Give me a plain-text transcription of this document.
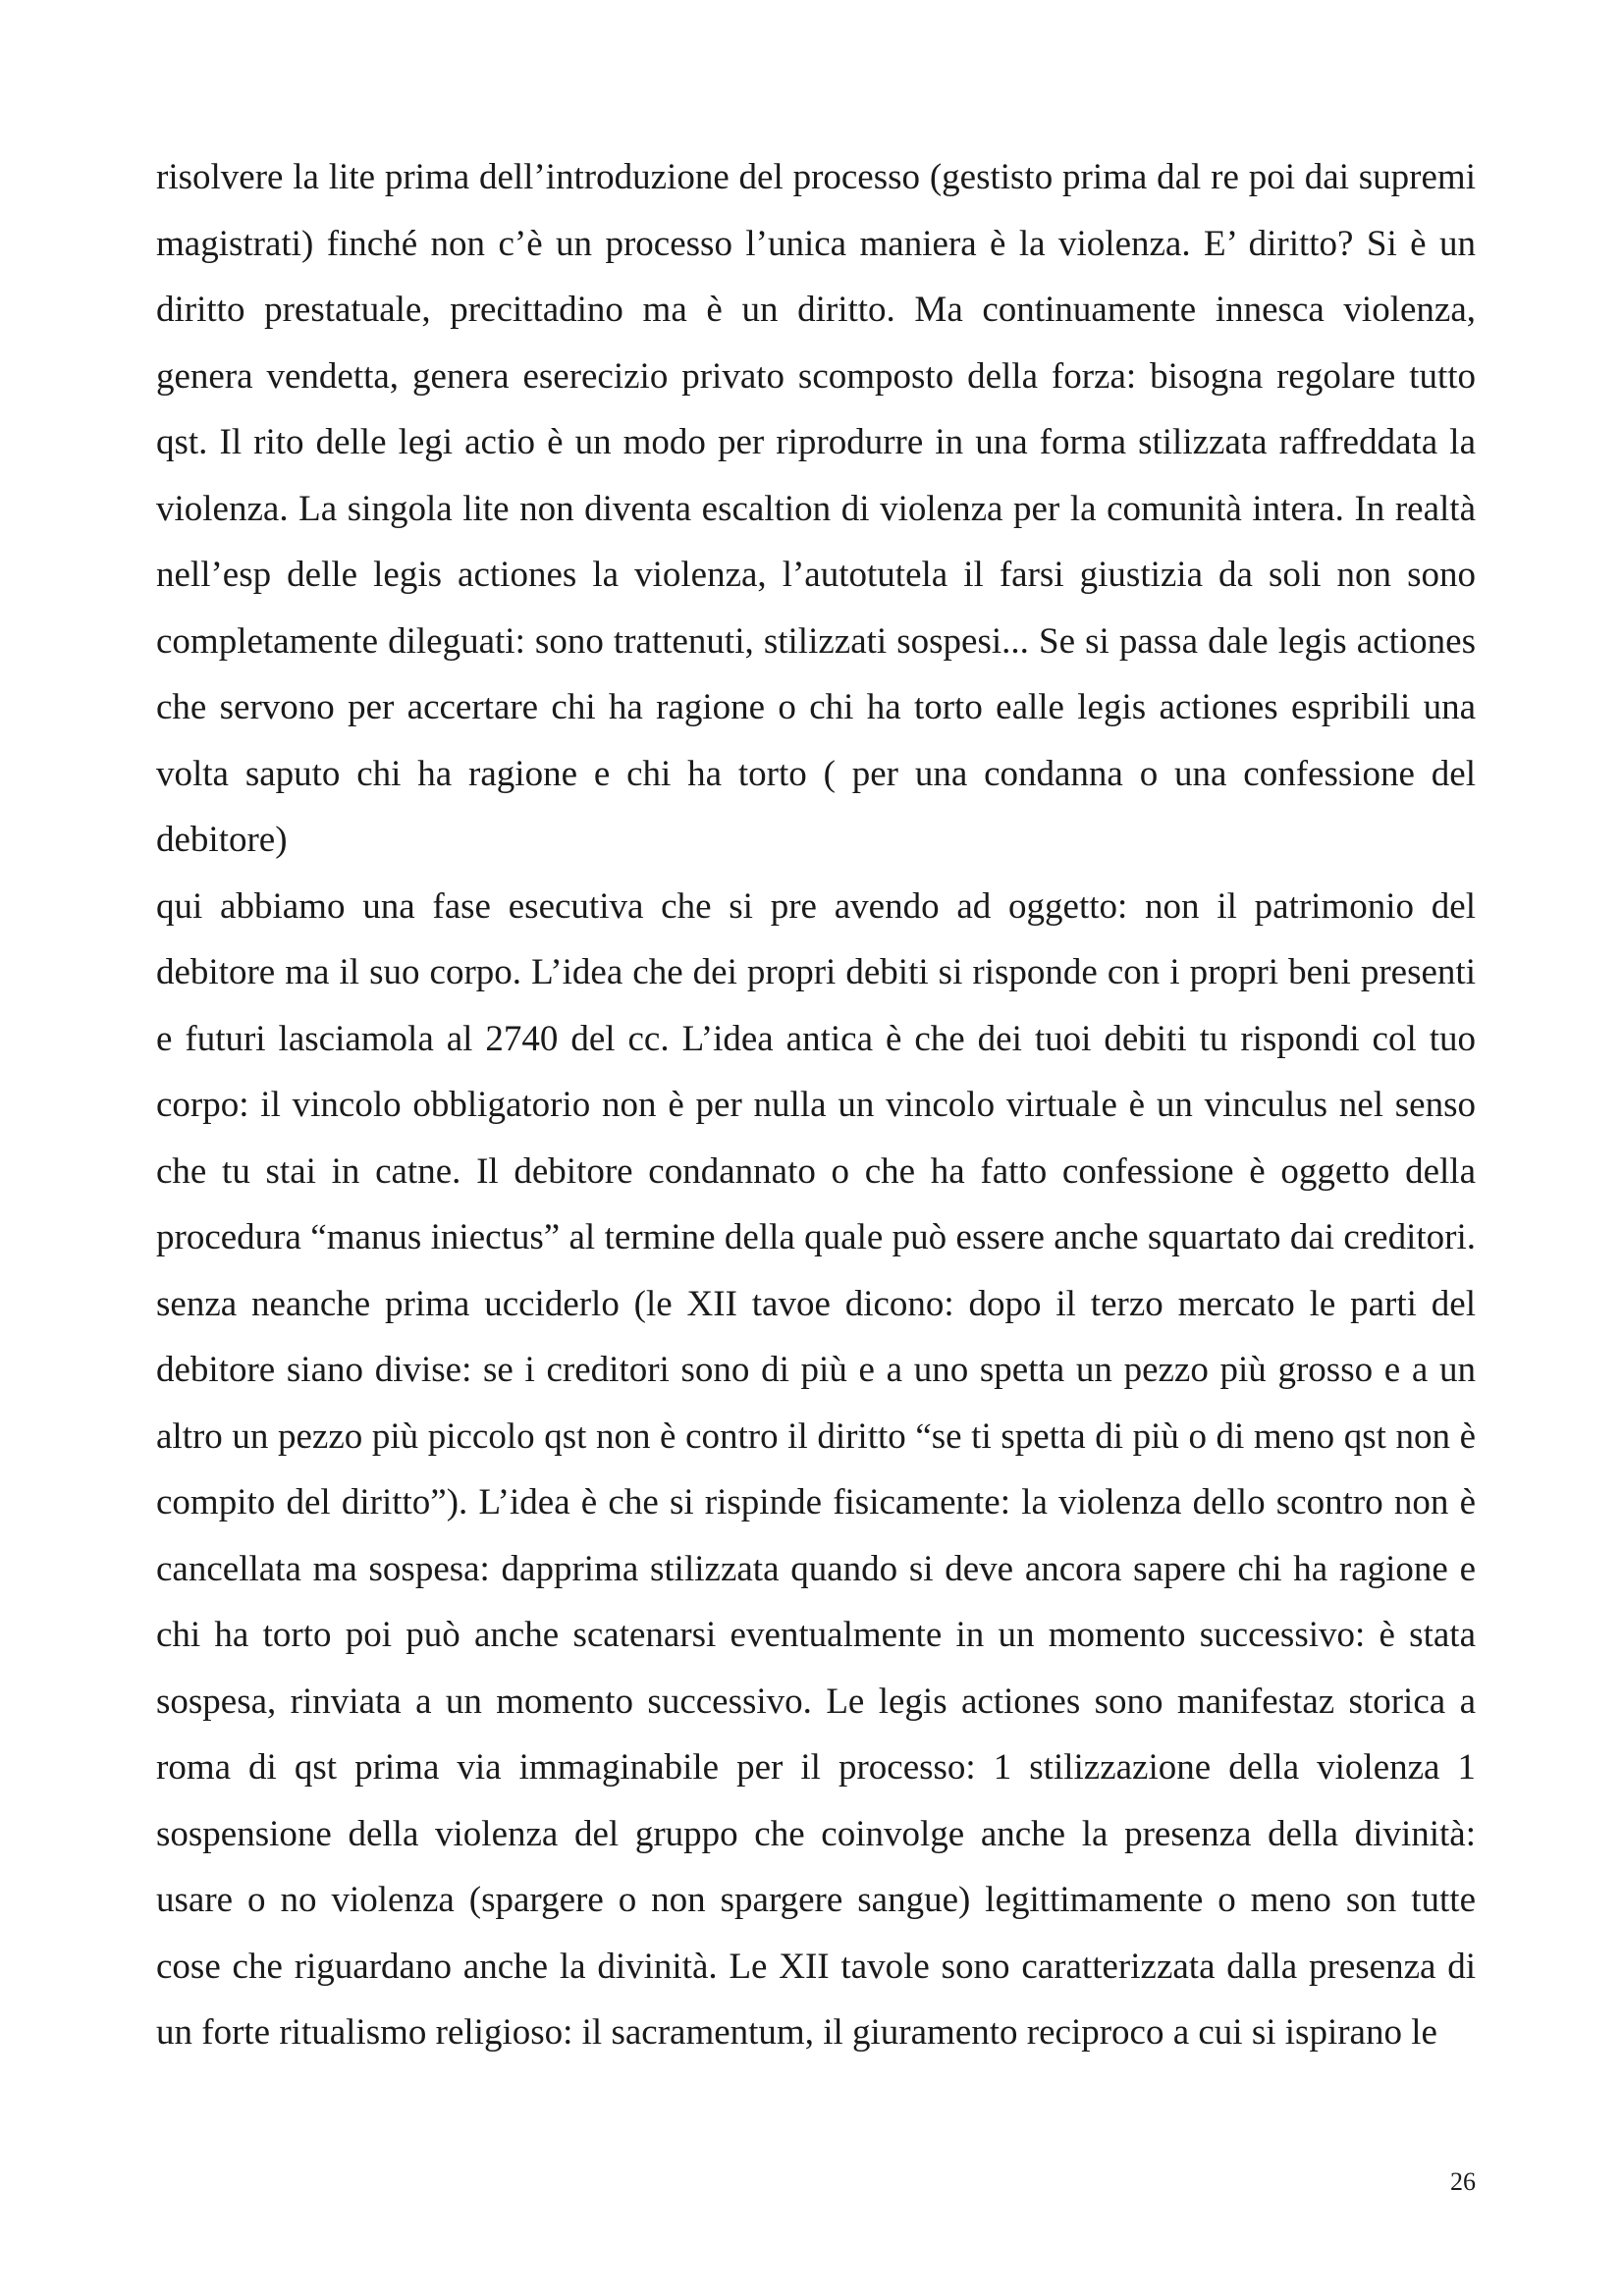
risolvere la lite prima dell’introduzione del processo (gestisto prima dal re poi dai supremi magistrati) finché non c’è un processo l’unica maniera è la violenza. E’ diritto? Si è un diritto prestatuale, precittadino ma è un diritto. Ma continuamente innesca violenza, genera vendetta, genera eserecizio privato scomposto della forza: bisogna regolare tutto qst. Il rito delle legi actio è un modo per riprodurre in una forma stilizzata raffreddata la violenza. La singola lite non diventa escaltion di violenza per la comunità intera. In realtà nell’esp delle legis actiones la violenza, l’autotutela il farsi giustizia da soli non sono completamente dileguati: sono trattenuti, stilizzati sospesi... Se si passa dale legis actiones che servono per accertare chi ha ragione o chi ha torto ealle legis actiones espribili una volta saputo chi ha ragione e chi ha torto ( per una condanna o una confessione del debitore)

qui abbiamo una fase esecutiva che si pre avendo ad oggetto: non il patrimonio del debitore ma il suo corpo. L’idea che dei propri debiti si risponde con i propri beni presenti e futuri lasciamola al 2740 del cc. L’idea antica è che dei tuoi debiti tu rispondi col tuo corpo: il vincolo obbligatorio non è per nulla un vincolo virtuale è un vinculus nel senso che tu stai in catne. Il debitore condannato o che ha fatto confessione è oggetto della procedura “manus iniectus” al termine della quale può essere anche squartato dai creditori. senza neanche prima ucciderlo (le XII tavoe dicono: dopo il terzo mercato le parti del debitore siano divise: se i creditori sono di più e a uno spetta un pezzo più grosso e a un altro un pezzo più piccolo qst non è contro il diritto “se ti spetta di più o di meno qst non è compito del diritto”). L’idea è che si rispinde fisicamente: la violenza dello scontro non è cancellata ma sospesa: dapprima stilizzata quando si deve ancora sapere chi ha ragione e chi ha torto poi può anche scatenarsi eventualmente in un momento successivo: è stata sospesa, rinviata a un momento successivo. Le legis actiones sono manifestaz storica a roma di qst prima via immaginabile per il processo: 1 stilizzazione della violenza 1 sospensione della violenza del gruppo che coinvolge anche la presenza della divinità: usare o no violenza (spargere o non spargere sangue) legittimamente o meno son tutte cose che riguardano anche la divinità. Le XII tavole sono caratterizzata dalla presenza di un forte ritualismo religioso: il sacramentum, il giuramento reciproco a cui si ispirano le

26
